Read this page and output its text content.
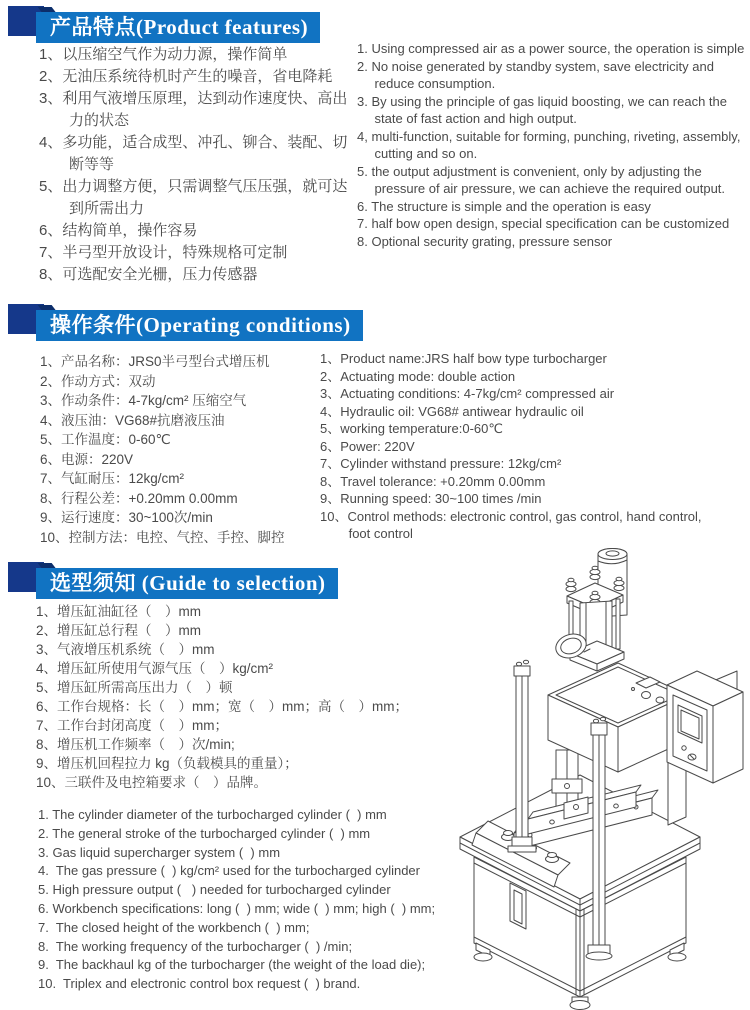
产品特点(Product features)
1、以压缩空气作为动力源，操作简单
2、无油压系统待机时产生的噪音，省电降耗
3、利用气液增压原理，达到动作速度快、高出力的状态
4、多功能，适合成型、冲孔、铆合、装配、切断等等
5、出力调整方便，只需调整气压压强，就可达到所需出力
6、结构简单，操作容易
7、半弓型开放设计，特殊规格可定制
8、可选配安全光栅，压力传感器
1. Using compressed air as a power source, the operation is simple
2. No noise generated by standby system, save electricity and reduce consumption.
3. By using the principle of gas liquid boosting, we can reach the state of fast action and high output.
4, multi-function, suitable for forming, punching, riveting, assembly, cutting and so on.
5. the output adjustment is convenient, only by adjusting the pressure of air pressure, we can achieve the required output.
6. The structure is simple and the operation is easy
7. half bow open design, special specification can be customized
8. Optional security grating, pressure sensor
操作条件(Operating conditions)
1、产品名称：JRS0半弓型台式增压机
2、作动方式：双动
3、作动条件：4-7kg/cm² 压缩空气
4、液压油：VG68#抗磨液压油
5、工作温度：0-60℃
6、电源：220V
7、气缸耐压：12kg/cm²
8、行程公差：+0.20mm 0.00mm
9、运行速度：30~100次/min
10、控制方法：电控、气控、手控、脚控
1、Product name:JRS half bow type turbocharger
2、Actuating mode: double action
3、Actuating conditions: 4-7kg/cm² compressed air
4、Hydraulic oil: VG68# antiwear hydraulic oil
5、working temperature:0-60℃
6、Power: 220V
7、Cylinder withstand pressure: 12kg/cm²
8、Travel tolerance: +0.20mm 0.00mm
9、Running speed: 30~100 times /min
10、Control methods: electronic control, gas control, hand control, foot control
选型须知 (Guide to selection)
1、增压缸油缸径（　）mm
2、增压缸总行程（　）mm
3、气液增压机系统（　）mm
4、增压缸所使用气源气压（　）kg/cm²
5、增压缸所需高压出力（　）顿
6、工作台规格：长（　）mm；宽（　）mm；高（　）mm；
7、工作台封闭高度（　）mm；
8、增压机工作频率（　）次/min;
9、增压机回程拉力 kg（负载模具的重量）；
10、三联件及电控箱要求（　）品牌。
1. The cylinder diameter of the turbocharged cylinder (  ) mm
2. The general stroke of the turbocharged cylinder (  ) mm
3. Gas liquid supercharger system (  ) mm
4.  The gas pressure (  ) kg/cm² used for the turbocharged cylinder
5. High pressure output (   ) needed for turbocharged cylinder
6. Workbench specifications: long (  ) mm; wide (  ) mm; high (  ) mm;
7.  The closed height of the workbench (  ) mm;
8.  The working frequency of the turbocharger (  ) /min;
9.  The backhaul kg of the turbocharger (the weight of the load die);
10.  Triplex and electronic control box request (  ) brand.
